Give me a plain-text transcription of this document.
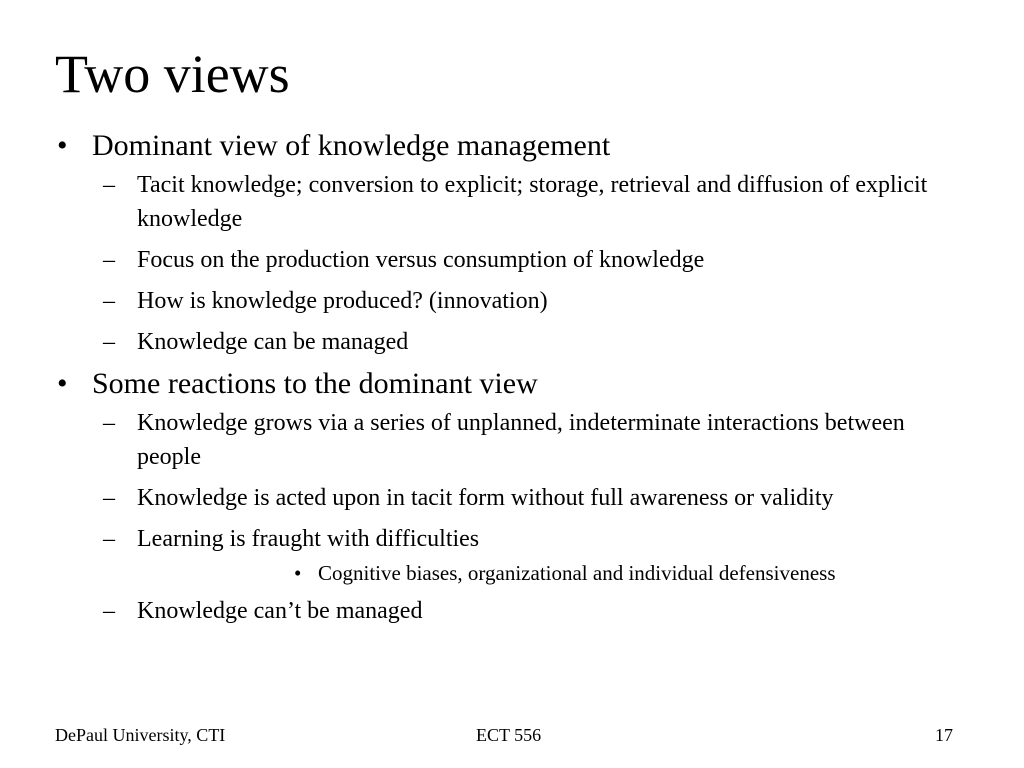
Two views
• Dominant view of knowledge management
– Tacit knowledge; conversion to explicit; storage, retrieval and diffusion of explicit knowledge
– Focus on the production versus consumption of knowledge
– How is knowledge produced? (innovation)
– Knowledge can be managed
• Some reactions to the dominant view
– Knowledge grows via a series of unplanned, indeterminate interactions between people
– Knowledge is acted upon in tacit form without full awareness or validity
– Learning is fraught with difficulties
• Cognitive biases, organizational and individual defensiveness
– Knowledge can’t be managed
DePaul University, CTI	ECT 556	17
